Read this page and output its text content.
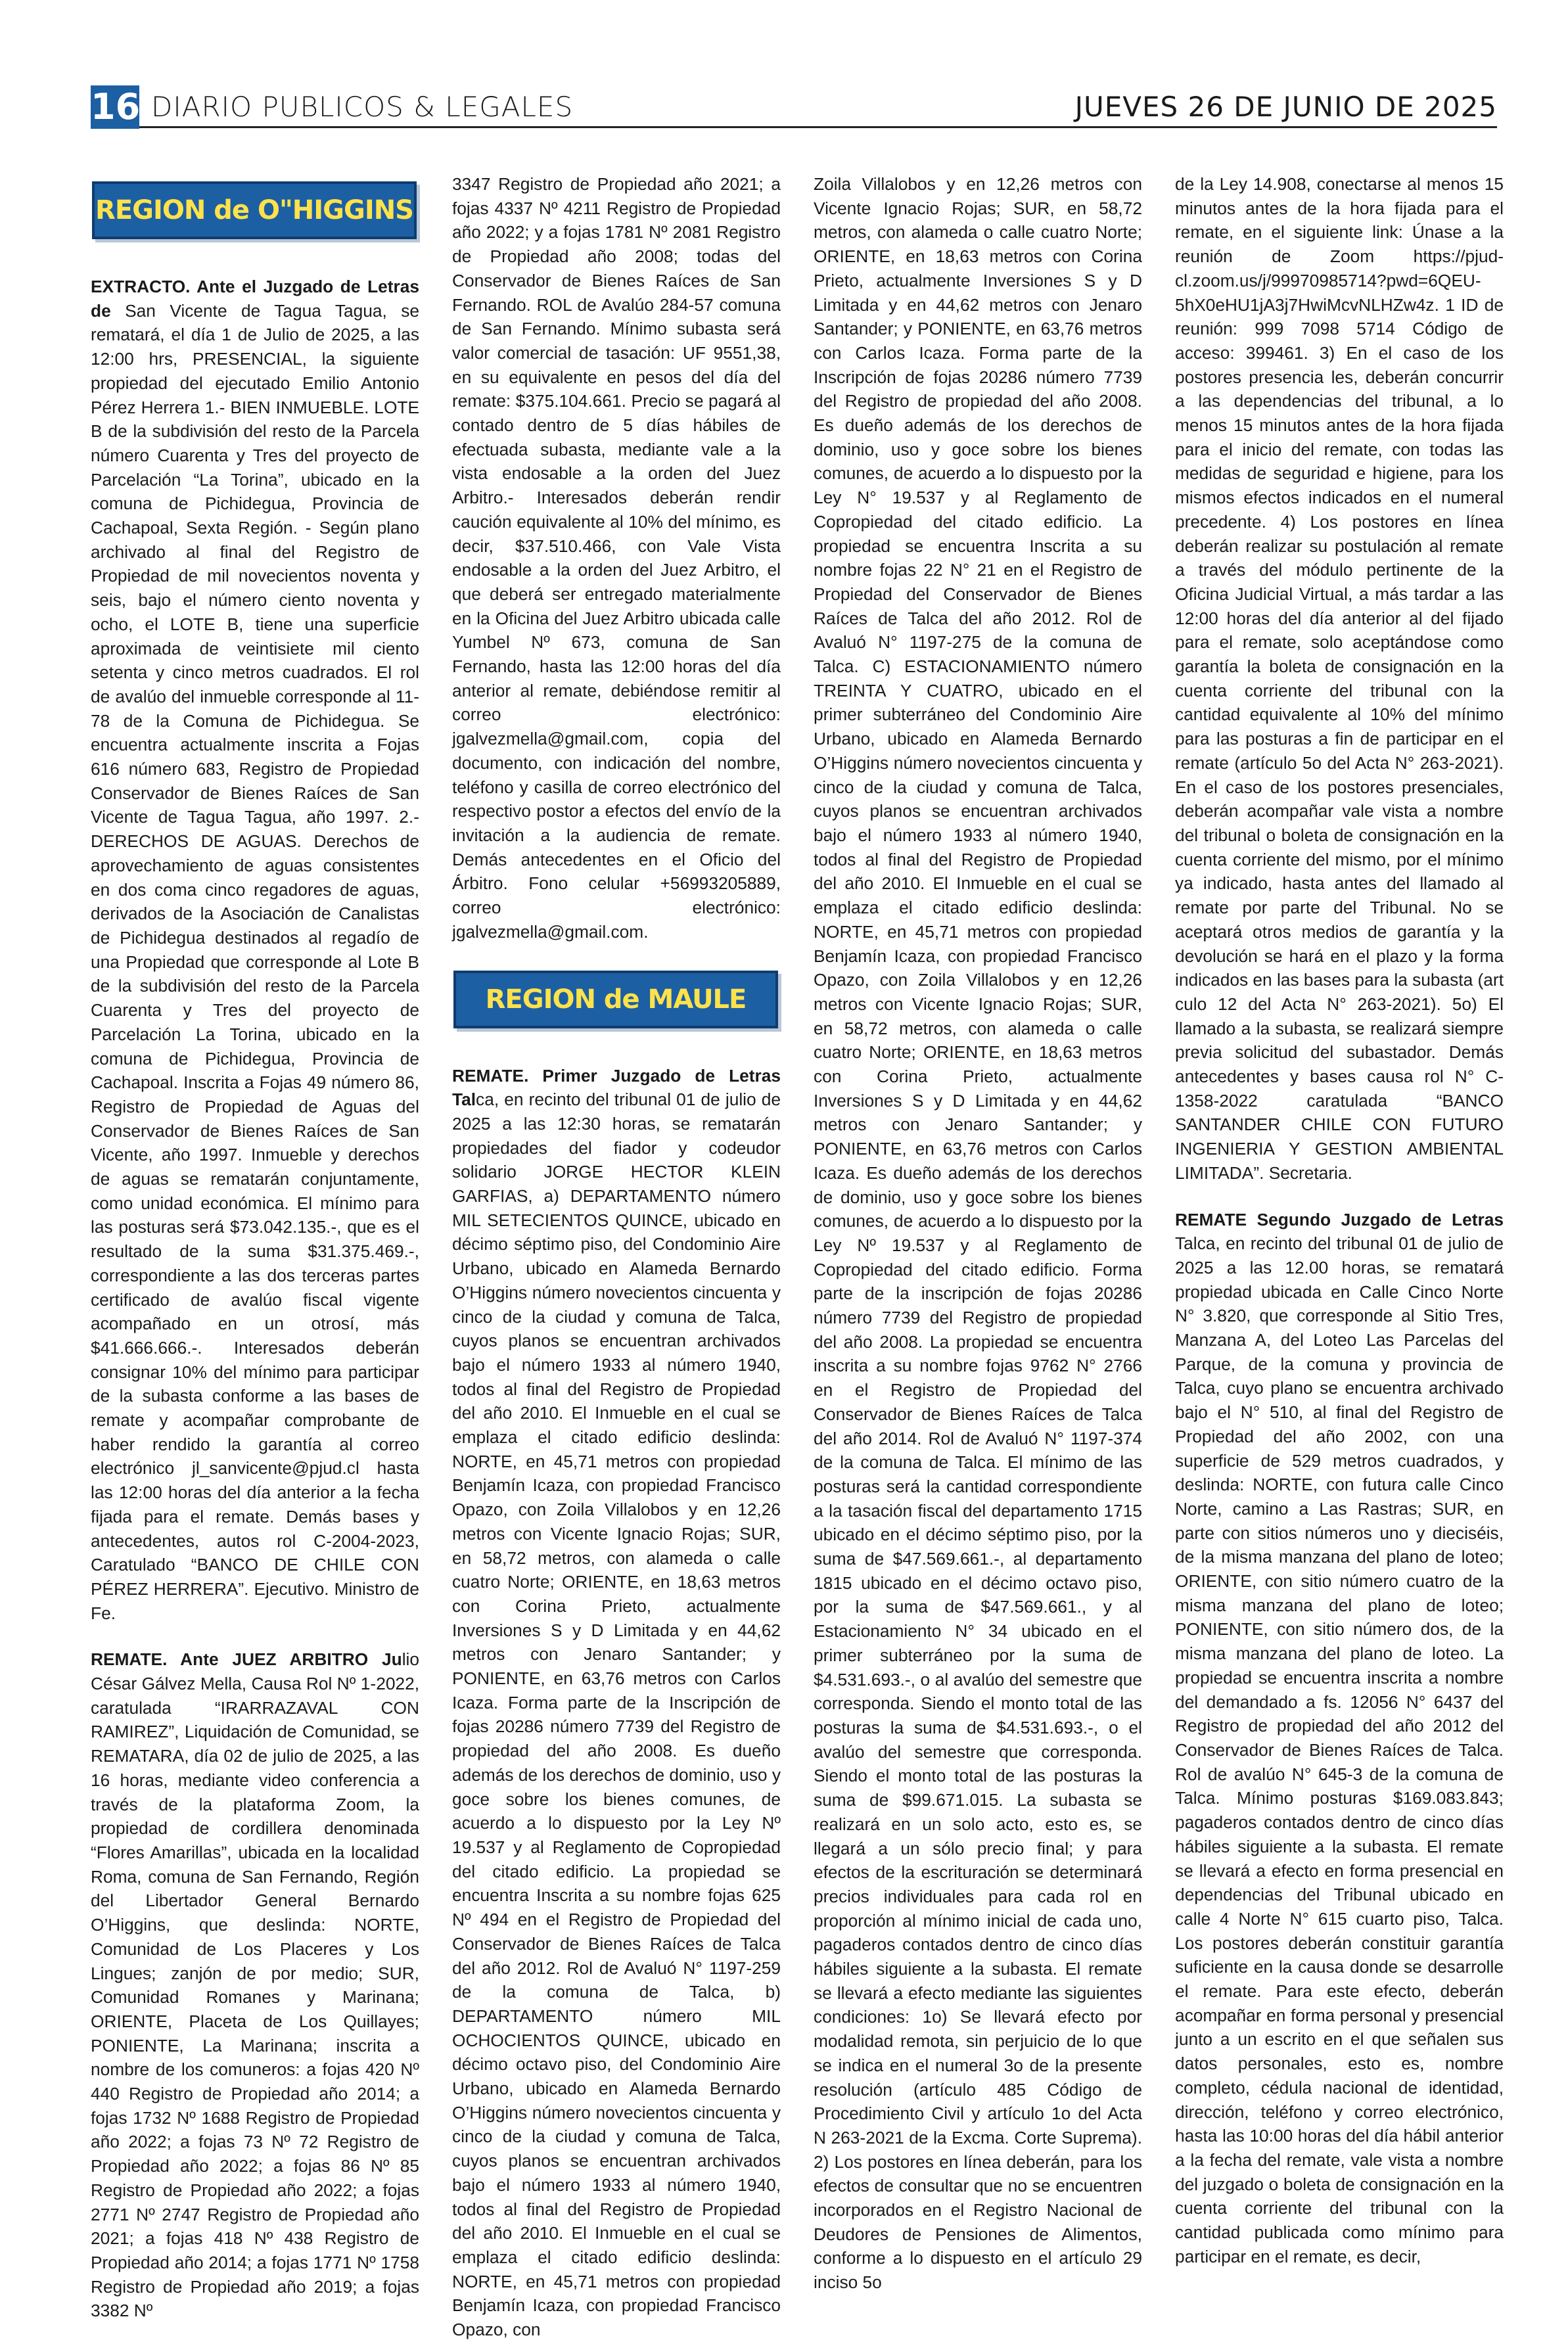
16 DIARIO PUBLICOS & LEGALES	JUEVES 26 DE JUNIO DE 2025
REGION de O"HIGGINS

EXTRACTO. Ante el Juzgado de Letras de San Vicente de Tagua Tagua, se rematará, el día 1 de Julio de 2025, a las 12:00 hrs, PRESENCIAL, la siguiente propiedad del ejecutado Emilio Antonio Pérez Herrera 1.- BIEN INMUEBLE. LOTE B de la subdivisión del resto de la Parcela número Cuarenta y Tres del proyecto de Parcelación “La Torina”, ubicado en la comuna de Pichidegua, Provincia de Cachapoal, Sexta Región. - Según plano archivado al final del Registro de Propiedad de mil novecientos noventa y seis, bajo el número ciento noventa y ocho, el LOTE B, tiene una superficie aproximada de veintisiete mil ciento setenta y cinco metros cuadrados. El rol de avalúo del inmueble corresponde al 11-78 de la Comuna de Pichidegua. Se encuentra actualmente inscrita a Fojas 616 número 683, Registro de Propiedad Conservador de Bienes Raíces de San Vicente de Tagua Tagua, año 1997. 2.- DERECHOS DE AGUAS. Derechos de aprovechamiento de aguas consistentes en dos coma cinco regadores de aguas, derivados de la Asociación de Canalistas de Pichidegua destinados al regadío de una Propiedad que corresponde al Lote B de la subdivisión del resto de la Parcela Cuarenta y Tres del proyecto de Parcelación La Torina, ubicado en la comuna de Pichidegua, Provincia de Cachapoal. Inscrita a Fojas 49 número 86, Registro de Propiedad de Aguas del Conservador de Bienes Raíces de San Vicente, año 1997. Inmueble y derechos de aguas se rematarán conjuntamente, como unidad económica. El mínimo para las posturas será $73.042.135.-, que es el resultado de la suma $31.375.469.-, correspondiente a las dos terceras partes certificado de avalúo fiscal vigente acompañado en un otrosí, más $41.666.666.-. Interesados deberán consignar 10% del mínimo para participar de la subasta conforme a las bases de remate y acompañar comprobante de haber rendido la garantía al correo electrónico jl_sanvicente@pjud.cl hasta las 12:00 horas del día anterior a la fecha fijada para el remate. Demás bases y antecedentes, autos rol C-2004-2023, Caratulado “BANCO DE CHILE CON PÉREZ HERRERA”. Ejecutivo. Ministro de Fe.

REMATE. Ante JUEZ ARBITRO Julio César Gálvez Mella, Causa Rol Nº 1-2022, caratulada “IRARRAZAVAL CON RAMIREZ”, Liquidación de Comunidad, se REMATARA, día 02 de julio de 2025, a las 16 horas, mediante video conferencia a través de la plataforma Zoom, la propiedad de cordillera denominada “Flores Amarillas”, ubicada en la localidad Roma, comuna de San Fernando, Región del Libertador General Bernardo O’Higgins, que deslinda: NORTE, Comunidad de Los Placeres y Los Lingues; zanjón de por medio; SUR, Comunidad Romanes y Marinana; ORIENTE, Placeta de Los Quillayes; PONIENTE, La Marinana; inscrita a nombre de los comuneros: a fojas 420 Nº 440 Registro de Propiedad año 2014; a fojas 1732 Nº 1688 Registro de Propiedad año 2022; a fojas 73 Nº 72 Registro de Propiedad año 2022; a fojas 86 Nº 85 Registro de Propiedad año 2022; a fojas 2771 Nº 2747 Registro de Propiedad año 2021; a fojas 418 Nº 438 Registro de Propiedad año 2014; a fojas 1771 Nº 1758 Registro de Propiedad año 2019; a fojas 3382 Nº

3347 Registro de Propiedad año 2021; a fojas 4337 Nº 4211 Registro de Propiedad año 2022; y a fojas 1781 Nº 2081 Registro de Propiedad año 2008; todas del Conservador de Bienes Raíces de San Fernando. ROL de Avalúo 284-57 comuna de San Fernando. Mínimo subasta será valor comercial de tasación: UF 9551,38, en su equivalente en pesos del día del remate: $375.104.661. Precio se pagará al contado dentro de 5 días hábiles de efectuada subasta, mediante vale a la vista endosable a la orden del Juez Arbitro.- Interesados deberán rendir caución equivalente al 10% del mínimo, es decir, $37.510.466, con Vale Vista endosable a la orden del Juez Arbitro, el que deberá ser entregado materialmente en la Oficina del Juez Arbitro ubicada calle Yumbel Nº 673, comuna de San Fernando, hasta las 12:00 horas del día anterior al remate, debiéndose remitir al correo electrónico: jgalvezmella@gmail.com, copia del documento, con indicación del nombre, teléfono y casilla de correo electrónico del respectivo postor a efectos del envío de la invitación a la audiencia de remate. Demás antecedentes en el Oficio del Árbitro. Fono celular +56993205889, correo electrónico: jgalvezmella@gmail.com.

REGION de MAULE

REMATE. Primer Juzgado de Letras Talca, en recinto del tribunal 01 de julio de 2025 a las 12:30 horas, se rematarán propiedades del fiador y codeudor solidario JORGE HECTOR KLEIN GARFIAS, a) DEPARTAMENTO número MIL SETECIENTOS QUINCE, ubicado en décimo séptimo piso, del Condominio Aire Urbano, ubicado en Alameda Bernardo O’Higgins número novecientos cincuenta y cinco de la ciudad y comuna de Talca, cuyos planos se encuentran archivados bajo el número 1933 al número 1940, todos al final del Registro de Propiedad del año 2010. El Inmueble en el cual se emplaza el citado edificio deslinda: NORTE, en 45,71 metros con propiedad Benjamín Icaza, con propiedad Francisco Opazo, con Zoila Villalobos y en 12,26 metros con Vicente Ignacio Rojas; SUR, en 58,72 metros, con alameda o calle cuatro Norte; ORIENTE, en 18,63 metros con Corina Prieto, actualmente Inversiones S y D Limitada y en 44,62 metros con Jenaro Santander; y PONIENTE, en 63,76 metros con Carlos Icaza. Forma parte de la Inscripción de fojas 20286 número 7739 del Registro de propiedad del año 2008. Es dueño además de los derechos de dominio, uso y goce sobre los bienes comunes, de acuerdo a lo dispuesto por la Ley Nº 19.537 y al Reglamento de Copropiedad del citado edificio. La propiedad se encuentra Inscrita a su nombre fojas 625 Nº 494 en el Registro de Propiedad del Conservador de Bienes Raíces de Talca del año 2012. Rol de Avaluó N° 1197-259 de la comuna de Talca, b) DEPARTAMENTO número MIL OCHOCIENTOS QUINCE, ubicado en décimo octavo piso, del Condominio Aire Urbano, ubicado en Alameda Bernardo O’Higgins número novecientos cincuenta y cinco de la ciudad y comuna de Talca, cuyos planos se encuentran archivados bajo el número 1933 al número 1940, todos al final del Registro de Propiedad del año 2010. El Inmueble en el cual se emplaza el citado edificio deslinda: NORTE, en 45,71 metros con propiedad Benjamín Icaza, con propiedad Francisco Opazo, con

Zoila Villalobos y en 12,26 metros con Vicente Ignacio Rojas; SUR, en 58,72 metros, con alameda o calle cuatro Norte; ORIENTE, en 18,63 metros con Corina Prieto, actualmente Inversiones S y D Limitada y en 44,62 metros con Jenaro Santander; y PONIENTE, en 63,76 metros con Carlos Icaza. Forma parte de la Inscripción de fojas 20286 número 7739 del Registro de propiedad del año 2008. Es dueño además de los derechos de dominio, uso y goce sobre los bienes comunes, de acuerdo a lo dispuesto por la Ley N° 19.537 y al Reglamento de Copropiedad del citado edificio. La propiedad se encuentra Inscrita a su nombre fojas 22 N° 21 en el Registro de Propiedad del Conservador de Bienes Raíces de Talca del año 2012. Rol de Avaluó N° 1197-275 de la comuna de Talca. C) ESTACIONAMIENTO número TREINTA Y CUATRO, ubicado en el primer subterráneo del Condominio Aire Urbano, ubicado en Alameda Bernardo O’Higgins número novecientos cincuenta y cinco de la ciudad y comuna de Talca, cuyos planos se encuentran archivados bajo el número 1933 al número 1940, todos al final del Registro de Propiedad del año 2010. El Inmueble en el cual se emplaza el citado edificio deslinda: NORTE, en 45,71 metros con propiedad Benjamín Icaza, con propiedad Francisco Opazo, con Zoila Villalobos y en 12,26 metros con Vicente Ignacio Rojas; SUR, en 58,72 metros, con alameda o calle cuatro Norte; ORIENTE, en 18,63 metros con Corina Prieto, actualmente Inversiones S y D Limitada y en 44,62 metros con Jenaro Santander; y PONIENTE, en 63,76 metros con Carlos Icaza. Es dueño además de los derechos de dominio, uso y goce sobre los bienes comunes, de acuerdo a lo dispuesto por la Ley Nº 19.537 y al Reglamento de Copropiedad del citado edificio. Forma parte de la inscripción de fojas 20286 número 7739 del Registro de propiedad del año 2008. La propiedad se encuentra inscrita a su nombre fojas 9762 N° 2766 en el Registro de Propiedad del Conservador de Bienes Raíces de Talca del año 2014. Rol de Avaluó N° 1197-374 de la comuna de Talca. El mínimo de las posturas será la cantidad correspondiente a la tasación fiscal del departamento 1715 ubicado en el décimo séptimo piso, por la suma de $47.569.661.-, al departamento 1815 ubicado en el décimo octavo piso, por la suma de $47.569.661., y al Estacionamiento N° 34 ubicado en el primer subterráneo por la suma de $4.531.693.-, o al avalúo del semestre que corresponda. Siendo el monto total de las posturas la suma de $4.531.693.-, o el avalúo del semestre que corresponda. Siendo el monto total de las posturas la suma de $99.671.015. La subasta se realizará en un solo acto, esto es, se llegará a un sólo precio final; y para efectos de la escrituración se determinará precios individuales para cada rol en proporción al mínimo inicial de cada uno, pagaderos contados dentro de cinco días hábiles siguiente a la subasta. El remate se llevará a efecto mediante las siguientes condiciones: 1o) Se llevará efecto por modalidad remota, sin perjuicio de lo que se indica en el numeral 3o de la presente resolución (artículo 485 Código de Procedimiento Civil y artículo 1o del Acta N 263-2021 de la Excma. Corte Suprema). 2) Los postores en línea deberán, para los efectos de consultar que no se encuentren incorporados en el Registro Nacional de Deudores de Pensiones de Alimentos, conforme a lo dispuesto en el artículo 29 inciso 5o

de la Ley 14.908, conectarse al menos 15 minutos antes de la hora fijada para el remate, en el siguiente link: Únase a la reunión de Zoom https://pjud-cl.zoom.us/j/99970985714?pwd=6QEU-5hX0eHU1jA3j7HwiMcvNLHZw4z. 1 ID de reunión: 999 7098 5714 Código de acceso: 399461. 3) En el caso de los postores presencia les, deberán concurrir a las dependencias del tribunal, a lo menos 15 minutos antes de la hora fijada para el inicio del remate, con todas las medidas de seguridad e higiene, para los mismos efectos indicados en el numeral precedente. 4) Los postores en línea deberán realizar su postulación al remate a través del módulo pertinente de la Oficina Judicial Virtual, a más tardar a las 12:00 horas del día anterior al del fijado para el remate, solo aceptándose como garantía la boleta de consignación en la cuenta corriente del tribunal con la cantidad equivalente al 10% del mínimo para las posturas a fin de participar en el remate (artículo 5o del Acta N° 263-2021). En el caso de los postores presenciales, deberán acompañar vale vista a nombre del tribunal o boleta de consignación en la cuenta corriente del mismo, por el mínimo ya indicado, hasta antes del llamado al remate por parte del Tribunal. No se aceptará otros medios de garantía y la devolución se hará en el plazo y la forma indicados en las bases para la subasta (art culo 12 del Acta N° 263-2021). 5o) El llamado a la subasta, se realizará siempre previa solicitud del subastador. Demás antecedentes y bases causa rol N° C-1358-2022 caratulada “BANCO SANTANDER CHILE CON FUTURO INGENIERIA Y GESTION AMBIENTAL LIMITADA”. Secretaria.

REMATE Segundo Juzgado de Letras Talca, en recinto del tribunal 01 de julio de 2025 a las 12.00 horas, se rematará propiedad ubicada en Calle Cinco Norte N° 3.820, que corresponde al Sitio Tres, Manzana A, del Loteo Las Parcelas del Parque, de la comuna y provincia de Talca, cuyo plano se encuentra archivado bajo el N° 510, al final del Registro de Propiedad del año 2002, con una superficie de 529 metros cuadrados, y deslinda: NORTE, con futura calle Cinco Norte, camino a Las Rastras; SUR, en parte con sitios números uno y dieciséis, de la misma manzana del plano de loteo; ORIENTE, con sitio número cuatro de la misma manzana del plano de loteo; PONIENTE, con sitio número dos, de la misma manzana del plano de loteo. La propiedad se encuentra inscrita a nombre del demandado a fs. 12056 N° 6437 del Registro de propiedad del año 2012 del Conservador de Bienes Raíces de Talca. Rol de avalúo N° 645-3 de la comuna de Talca. Mínimo posturas $169.083.843; pagaderos contados dentro de cinco días hábiles siguiente a la subasta. El remate se llevará a efecto en forma presencial en dependencias del Tribunal ubicado en calle 4 Norte N° 615 cuarto piso, Talca. Los postores deberán constituir garantía suficiente en la causa donde se desarrolle el remate. Para este efecto, deberán acompañar en forma personal y presencial junto a un escrito en el que señalen sus datos personales, esto es, nombre completo, cédula nacional de identidad, dirección, teléfono y correo electrónico, hasta las 10:00 horas del día hábil anterior a la fecha del remate, vale vista a nombre del juzgado o boleta de consignación en la cuenta corriente del tribunal con la cantidad publicada como mínimo para participar en el remate, es decir,
